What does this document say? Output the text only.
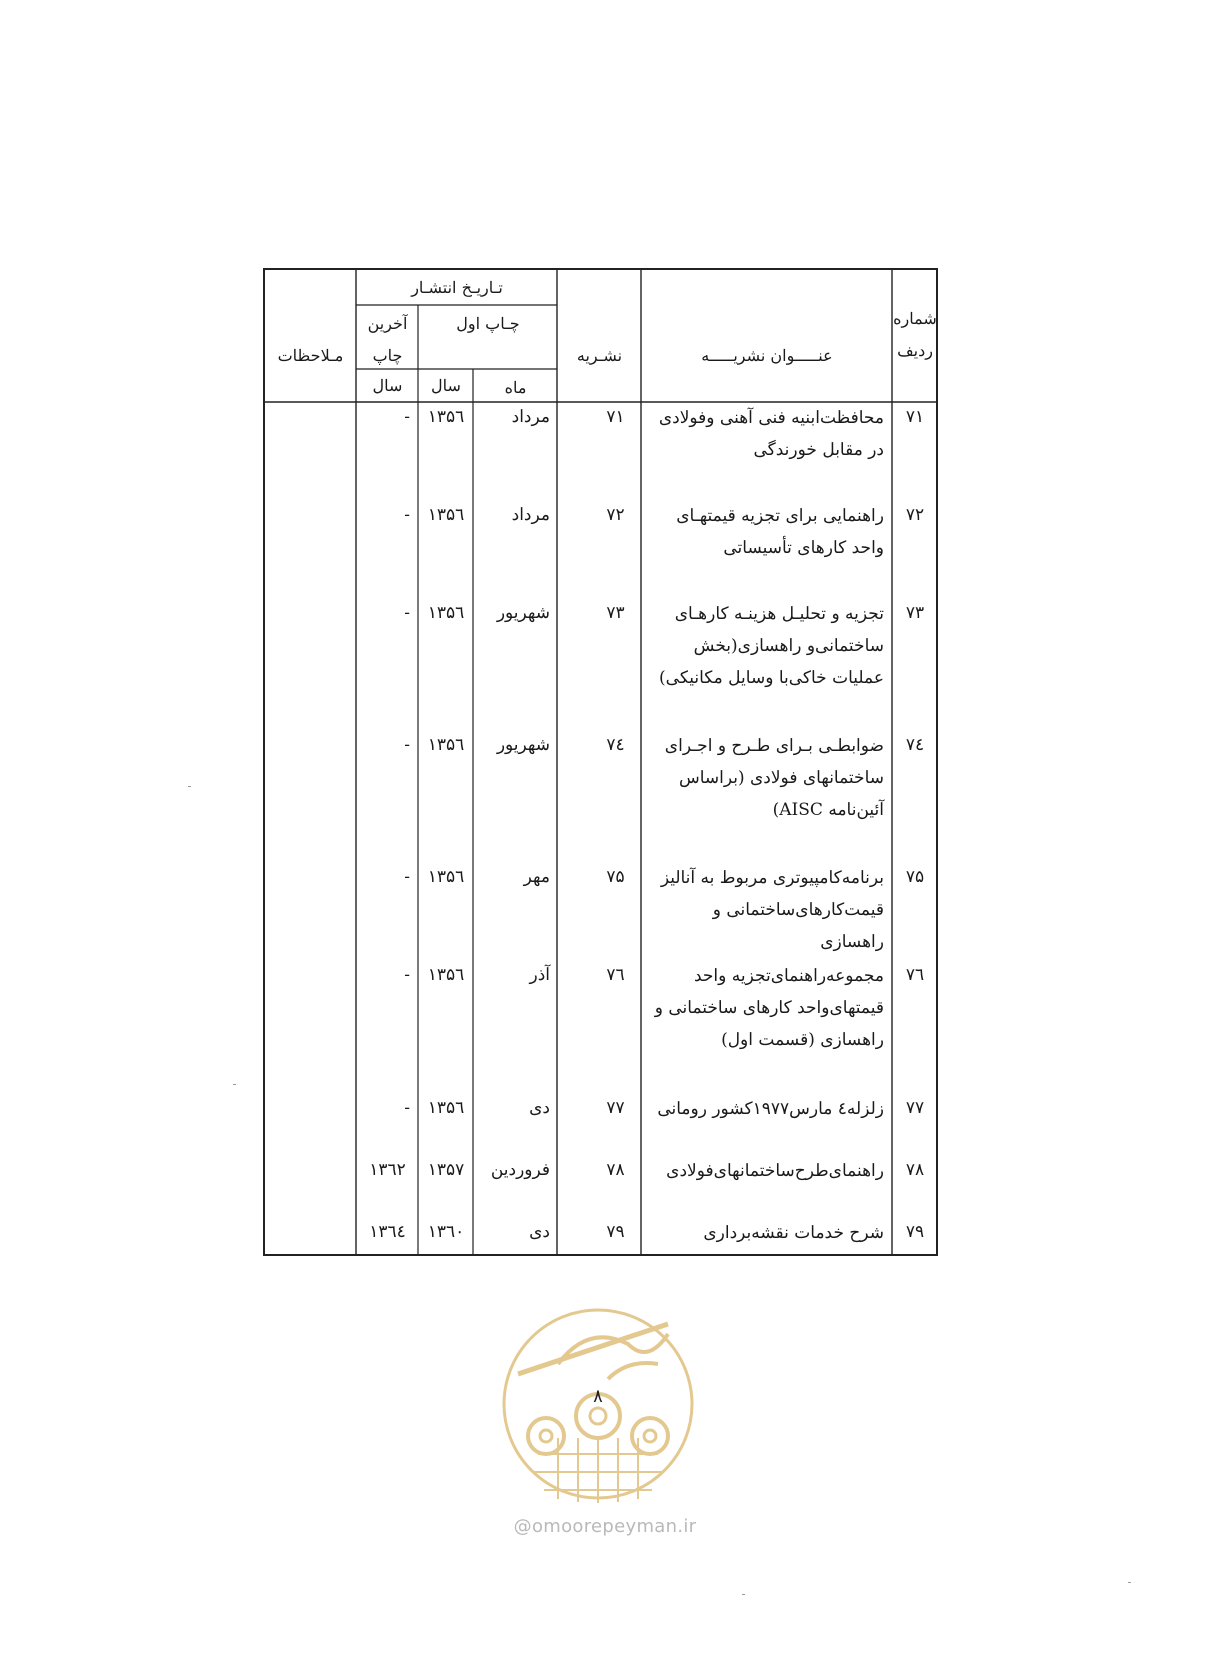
شماره ردیف
عنـــــوان نشریـــــه
نشـریه
تـاریـخ انتشـار
چـاپ اول
آخرین چاپ
ماه
سال
سال
مـلاحظات
۷۱
محافظت‌ابنیه فنی آهنی وفولادی در مقابل خورندگی
۷۱
مرداد
۱۳۵٦
-
۷۲
راهنمایی برای تجزیه قیمتهـای واحد کارهای تأسیساتی
۷۲
مرداد
۱۳۵٦
-
۷۳
تجزیه و تحلیـل هزینـه کارهـای ساختمانی‌و راهسازی(بخش عملیات خاکی‌با وسایل مکانیکی)
۷۳
شهریور
۱۳۵٦
-
۷٤
ضوابطـی بـرای طـرح و اجـرای ساختمانهای فولادی (براساس آئین‌نامه AISC)
۷٤
شهریور
۱۳۵٦
-
۷۵
برنامه‌کامپیوتری مربوط به آنالیز قیمت‌کارهای‌ساختمانی و راهسازی
۷۵
مهر
۱۳۵٦
-
۷٦
مجموعه‌راهنمای‌تجزیه واحد قیمتهای‌واحد کارهای ساختمانی و راهسازی (قسمت اول)
۷٦
آذر
۱۳۵٦
-
۷۷
زلزله٤ مارس۱۹۷۷کشور رومانی
۷۷
دی
۱۳۵٦
-
۷۸
راهنمای‌طرح‌ساختمانهای‌فولادی
۷۸
فروردین
۱۳۵۷
۱۳٦۲
۷۹
شرح خدمات نقشه‌برداری
۷۹
دی
۱۳٦۰
۱۳٦٤
۸
@omoorepeyman.ir
